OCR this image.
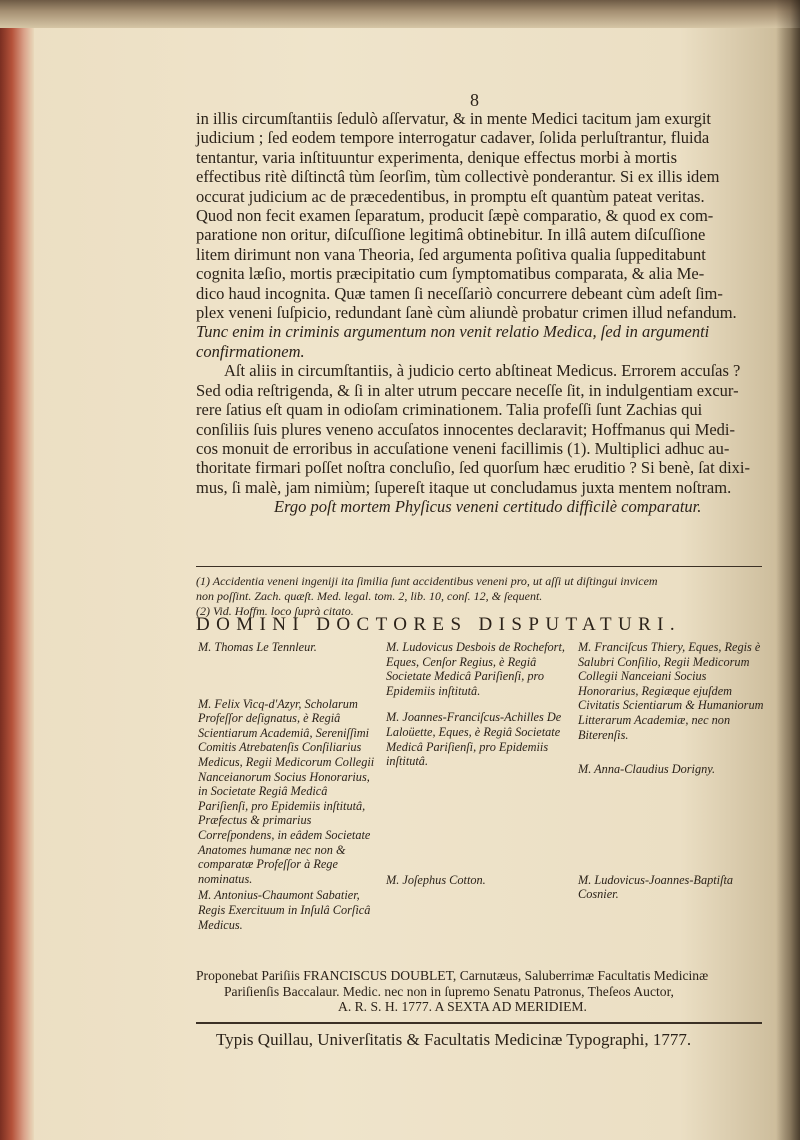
8

in illis circumſtantiis ſedulò aſſervatur, & in mente Medici tacitum jam exurgit
judicium ; ſed eodem tempore interrogatur cadaver, ſolida perluſtrantur, fluida
tentantur, varia inſtituuntur experimenta, denique effectus morbi à mortis
effectibus ritè diſtinctâ tùm ſeorſim, tùm collectivè ponderantur. Si ex illis idem
occurat judicium ac de præcedentibus, in promptu eſt quantùm pateat veritas.
Quod non fecit examen ſeparatum, producit ſæpè comparatio, & quod ex com-
paratione non oritur, diſcuſſione legitimâ obtinebitur. In illâ autem diſcuſſione
litem dirimunt non vana Theoria, ſed argumenta poſitiva qualia ſuppeditabunt
cognita læſio, mortis præcipitatio cum ſymptomatibus comparata, & alia Me-
dico haud incognita. Quæ tamen ſi neceſſariò concurrere debeant cùm adeſt ſim-
plex veneni ſuſpicio, redundant ſanè cùm aliundè probatur crimen illud nefandum.
Tunc enim in criminis argumentum non venit relatio Medica, ſed in argumenti
confirmationem.

Aſt aliis in circumſtantiis, à judicio certo abſtineat Medicus. Errorem accuſas ?
Sed odia reſtrigenda, & ſi in alter utrum peccare neceſſe ſit, in indulgentiam excur-
rere ſatius eſt quam in odioſam criminationem. Talia profeſſi ſunt Zachias qui
conſiliis ſuis plures veneno accuſatos innocentes declaravit; Hoffmanus qui Medi-
cos monuit de erroribus in accuſatione veneni facillimis (1). Multiplici adhuc au-
thoritate firmari poſſet noſtra concluſio, ſed quorſum hæc eruditio ? Si benè, ſat dixi-
mus, ſi malè, jam nimiùm; ſupereſt itaque ut concludamus juxta mentem noſtram.
Ergo poſt mortem Phyſicus veneni certitudo difficilè comparatur.

(1) Accidentia veneni ingeniji ita ſimilia ſunt accidentibus veneni pro, ut aſſi ut diſtingui invicem
non poſſint. Zach. quæſt. Med. legal. tom. 2, lib. 10, conſ. 12, & ſequent.
(2) Vid. Hoffm. loco ſuprà citato.
DOMINI DOCTORES DISPUTATURI.
M. Thomas Le Tennleur.
M. Felix Vicq-d'Azyr, Scholarum Profeſſor deſignatus, è Regiâ Scientiarum Academiâ, Sereniſſimi Comitis Atrebatenſis Conſiliarius Medicus, Regii Medicorum Collegii Nanceianorum Socius Honorarius, in Societate Regiâ Medicâ Pariſienſi, pro Epidemiis inſtitutâ, Præfectus & primarius Correſpondens, in eâdem Societate Anatomes humanæ nec non & comparatæ Profeſſor à Rege nominatus.
M. Antonius-Chaumont Sabatier, Regis Exercituum in Inſulâ Corſicâ Medicus.
M. Ludovicus Desbois de Rochefort, Eques, Cenſor Regius, è Regiâ Societate Medicâ Pariſienſi, pro Epidemiis inſtitutâ.
M. Joannes-Franciſcus-Achilles De Laloüette, Eques, è Regiâ Societate Medicâ Pariſienſi, pro Epidemiis inſtitutâ.
M. Joſephus Cotton.
M. Franciſcus Thiery, Eques, Regis è Salubri Conſilio, Regii Medicorum Collegii Nanceiani Socius Honorarius, Regiæque ejuſdem Civitatis Scientiarum & Humaniorum Litterarum Academiæ, nec non Biterenſis.
M. Anna-Claudius Dorigny.
M. Ludovicus-Joannes-Baptiſta Cosnier.
Proponebat Pariſiis FRANCISCUS DOUBLET, Carnutæus, Saluberrimæ Facultatis Medicinæ
Pariſienſis Baccalaur. Medic. nec non in ſupremo Senatu Patronus, Theſeos Auctor,
A. R. S. H. 1777. A SEXTA AD MERIDIEM.
Typis Quillau, Univerſitatis & Facultatis Medicinæ Typographi, 1777.
